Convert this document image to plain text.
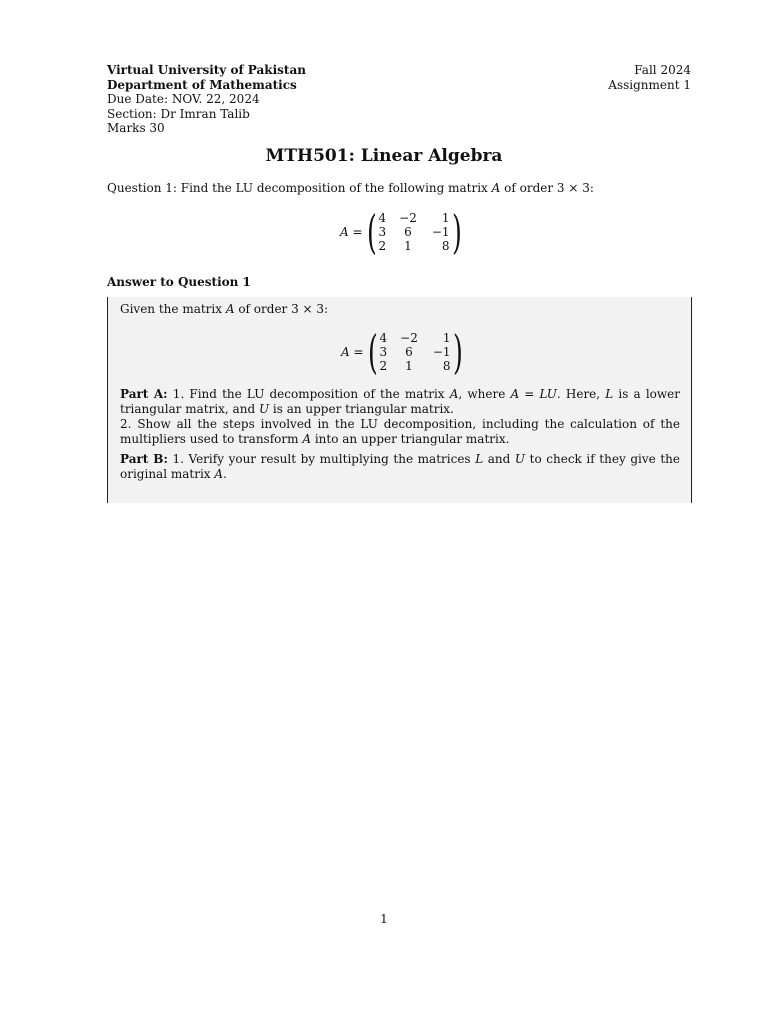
Virtual University of Pakistan
Department of Mathematics
Due Date: NOV. 22, 2024
Section: Dr Imran Talib
Marks 30
Fall 2024
Assignment 1
MTH501: Linear Algebra
Question 1: Find the LU decomposition of the following matrix A of order 3 × 3:
A = ( 4	−2	1
3	6	−1
2	1	8 )
Answer to Question 1
Given the matrix A of order 3 × 3:
A = ( 4	−2	1
3	6	−1
2	1	8 )

Part A: 1. Find the LU decomposition of the matrix A, where A = LU. Here, L is a lower triangular matrix, and U is an upper triangular matrix.

2. Show all the steps involved in the LU decomposition, including the calculation of the multipliers used to transform A into an upper triangular matrix.

Part B: 1. Verify your result by multiplying the matrices L and U to check if they give the original matrix A.

1
